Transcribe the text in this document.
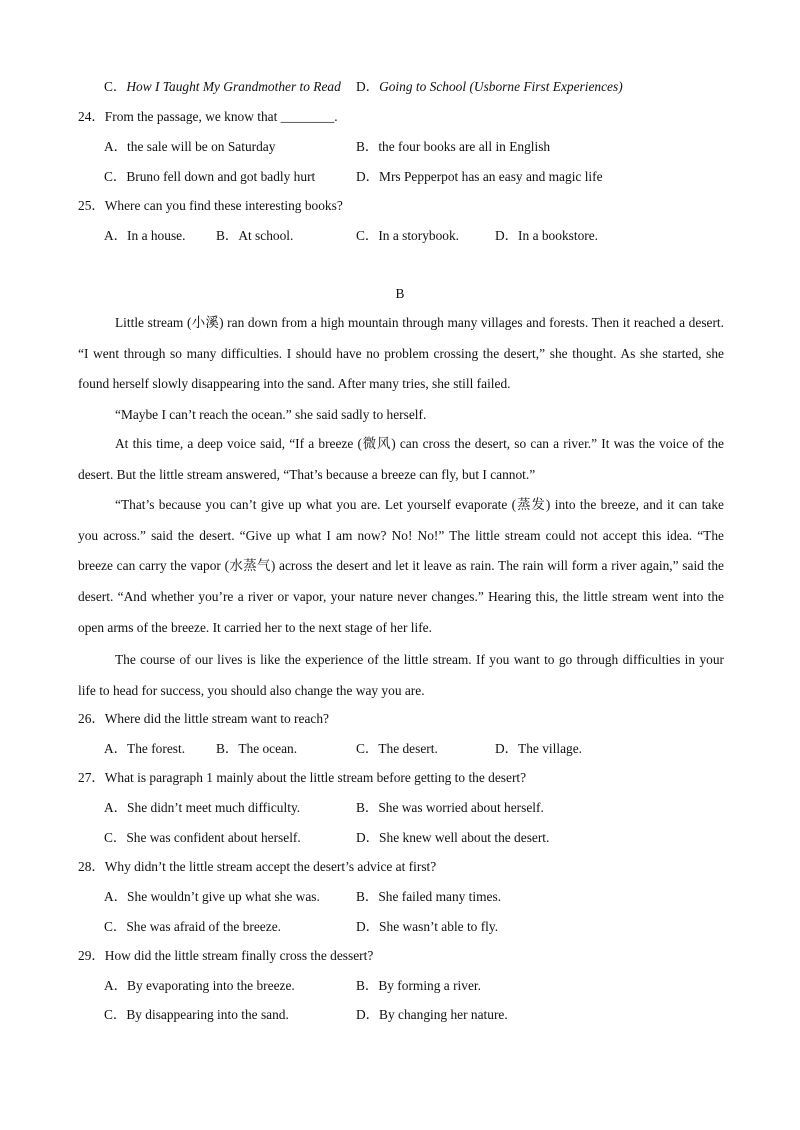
C．How I Taught My Grandmother to Read D．Going to School (Usborne First Experiences)
24．From the passage, we know that ________.
A．the sale will be on Saturday	B．the four books are all in English
C．Bruno fell down and got badly hurt	D．Mrs Pepperpot has an easy and magic life
25．Where can you find these interesting books?
A．In a house. B．At school.	C．In a storybook.	D．In a bookstore.
B

Little stream (小溪) ran down from a high mountain through many villages and forests. Then it reached a desert. “I went through so many difficulties. I should have no problem crossing the desert,” she thought. As she started, she found herself slowly disappearing into the sand. After many tries, she still failed.

“Maybe I can’t reach the ocean.” she said sadly to herself.

At this time, a deep voice said, “If a breeze (微风) can cross the desert, so can a river.” It was the voice of the desert. But the little stream answered, “That’s because a breeze can fly, but I cannot.”

“That’s because you can’t give up what you are. Let yourself evaporate (蒸发) into the breeze, and it can take you across.” said the desert. “Give up what I am now? No! No!” The little stream could not accept this idea. “The breeze can carry the vapor (水蒸气) across the desert and let it leave as rain. The rain will form a river again,” said the desert. “And whether you’re a river or vapor, your nature never changes.” Hearing this, the little stream went into the open arms of the breeze. It carried her to the next stage of her life.

The course of our lives is like the experience of the little stream. If you want to go through difficulties in your life to head for success, you should also change the way you are.

26．Where did the little stream want to reach?
A．The forest. B．The ocean.	C．The desert.	D．The village.
27．What is paragraph 1 mainly about the little stream before getting to the desert?
A．She didn’t meet much difficulty.	B．She was worried about herself.
C．She was confident about herself.	D．She knew well about the desert.
28．Why didn’t the little stream accept the desert’s advice at first?
A．She wouldn’t give up what she was.	B．She failed many times.
C．She was afraid of the breeze.	D．She wasn’t able to fly.
29．How did the little stream finally cross the dessert?
A．By evaporating into the breeze.	B．By forming a river.
C．By disappearing into the sand.	D．By changing her nature.
